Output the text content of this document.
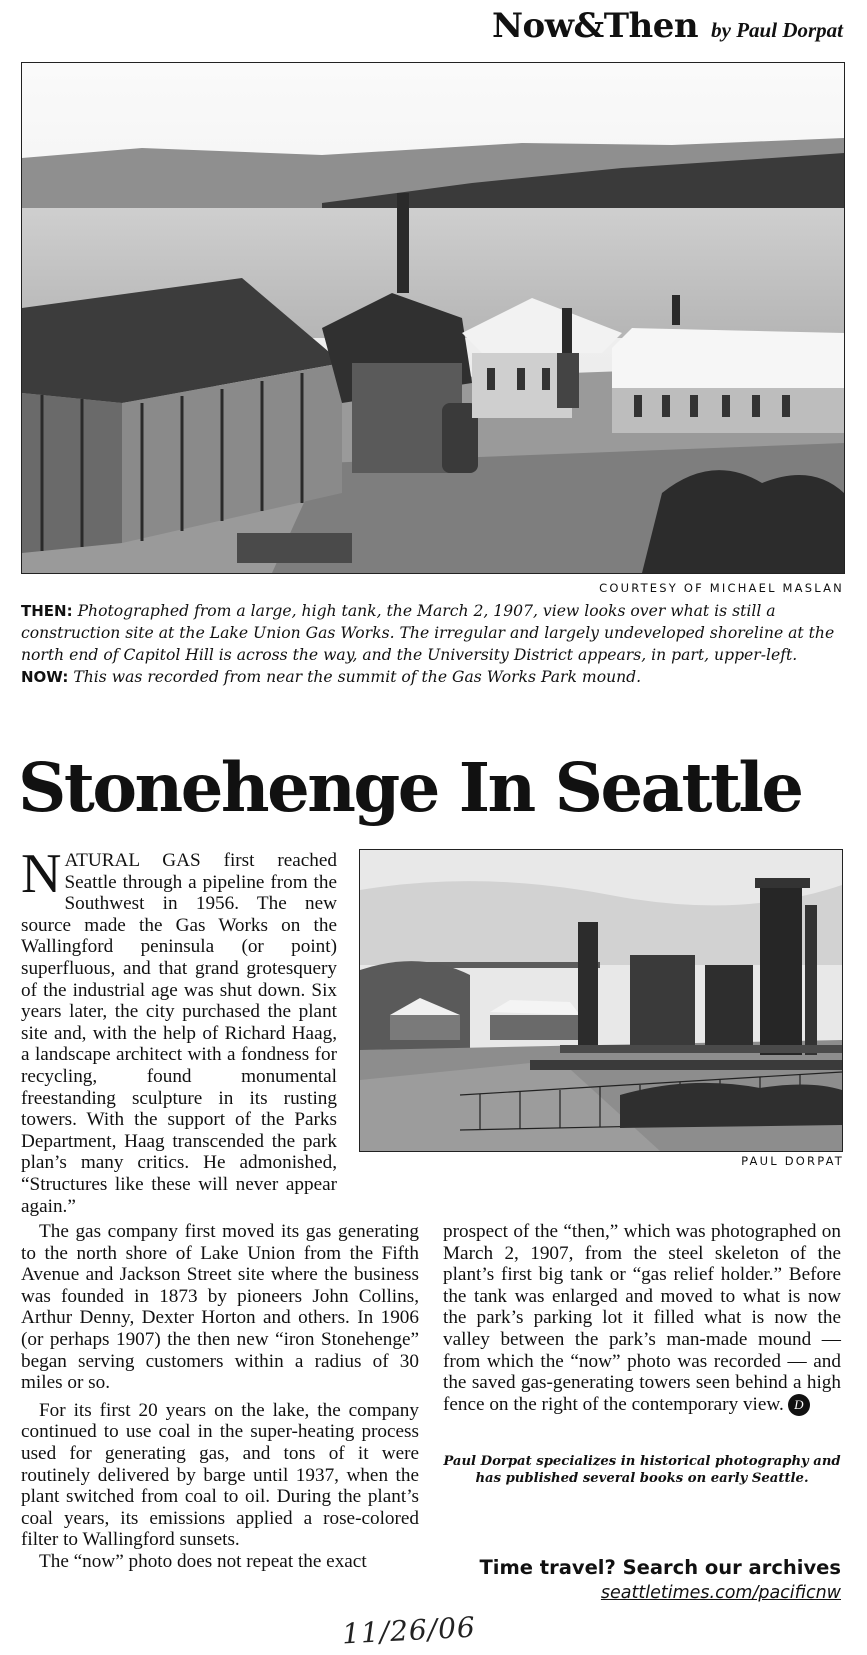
Now&Then by Paul Dorpat
COURTESY OF MICHAEL MASLAN

THEN: Photographed from a large, high tank, the March 2, 1907, view looks over what is still a construction site at the Lake Union Gas Works. The irregular and largely undeveloped shoreline at the north end of Capitol Hill is across the way, and the University District appears, in part, upper-left.

NOW: This was recorded from near the summit of the Gas Works Park mound.

Stonehenge In Seattle
PAUL DORPAT

NATURAL GAS first reached Seattle through a pipeline from the Southwest in 1956. The new source made the Gas Works on the Wallingford peninsula (or point) superfluous, and that grand grotesquery of the industrial age was shut down. Six years later, the city purchased the plant site and, with the help of Richard Haag, a landscape architect with a fondness for recycling, found monumental freestanding sculpture in its rusting towers. With the support of the Parks Department, Haag transcended the park plan’s many critics. He admonished, “Structures like these will never appear again.”

The gas company first moved its gas generating to the north shore of Lake Union from the Fifth Avenue and Jackson Street site where the business was founded in 1873 by pioneers John Collins, Arthur Denny, Dexter Horton and others. In 1906 (or perhaps 1907) the then new “iron Stonehenge” began serving customers within a radius of 30 miles or so.

For its first 20 years on the lake, the company continued to use coal in the super-heating process used for generating gas, and tons of it were routinely delivered by barge until 1937, when the plant switched from coal to oil. During the plant’s coal years, its emissions applied a rose-colored filter to Wallingford sunsets.

The “now” photo does not repeat the exact

prospect of the “then,” which was photographed on March 2, 1907, from the steel skeleton of the plant’s first big tank or “gas relief holder.” Before the tank was enlarged and moved to what is now the park’s parking lot it filled what is now the valley between the park’s man-made mound — from which the “now” photo was recorded — and the saved gas-generating towers seen behind a high fence on the right of the contemporary view. D

Paul Dorpat specializes in historical photography and has published several books on early Seattle.
Time travel? Search our archives
seattletimes.com/pacificnw
11/26/06
